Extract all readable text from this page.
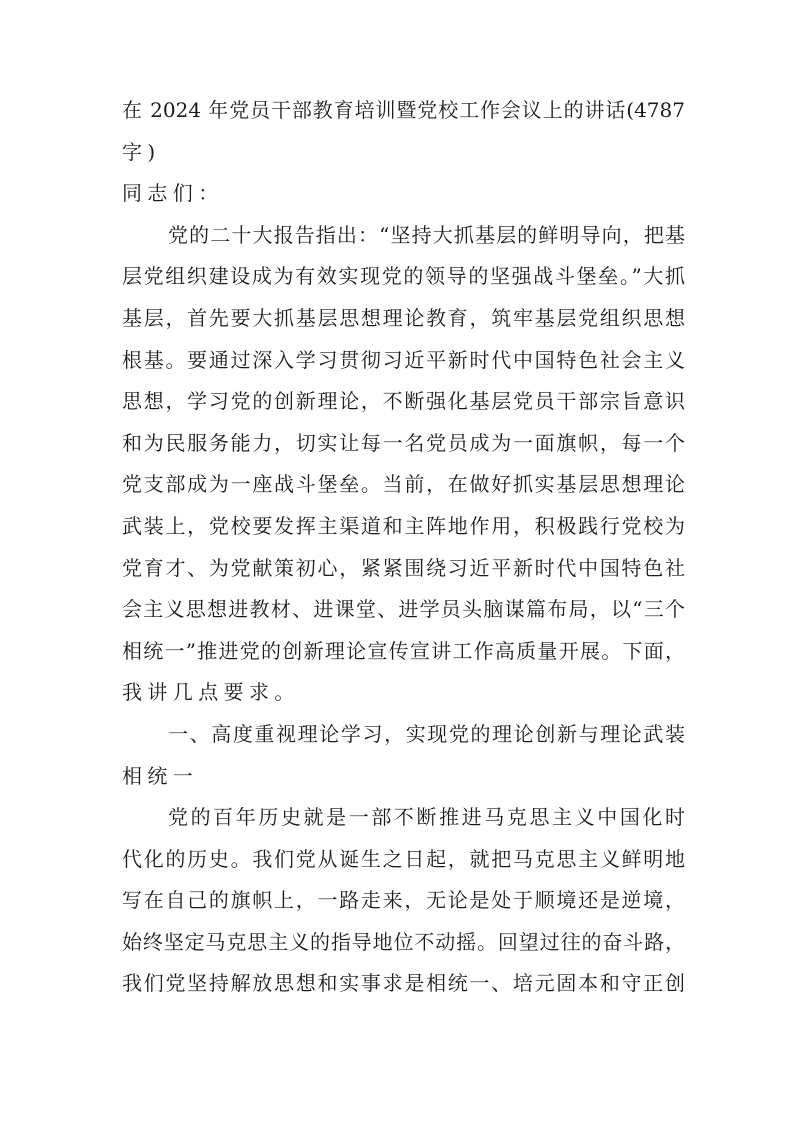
在 2024 年党员干部教育培训暨党校工作会议上的讲话(4787
字)
同志们：
党的二十大报告指出：“坚持大抓基层的鲜明导向，把基
层党组织建设成为有效实现党的领导的坚强战斗堡垒。”大抓
基层，首先要大抓基层思想理论教育，筑牢基层党组织思想
根基。要通过深入学习贯彻习近平新时代中国特色社会主义
思想，学习党的创新理论，不断强化基层党员干部宗旨意识
和为民服务能力，切实让每一名党员成为一面旗帜，每一个
党支部成为一座战斗堡垒。当前，在做好抓实基层思想理论
武装上，党校要发挥主渠道和主阵地作用，积极践行党校为
党育才、为党献策初心，紧紧围绕习近平新时代中国特色社
会主义思想进教材、进课堂、进学员头脑谋篇布局，以“三个
相统一”推进党的创新理论宣传宣讲工作高质量开展。下面，
我讲几点要求。
一、高度重视理论学习，实现党的理论创新与理论武装
相统一
党的百年历史就是一部不断推进马克思主义中国化时
代化的历史。我们党从诞生之日起，就把马克思主义鲜明地
写在自己的旗帜上，一路走来，无论是处于顺境还是逆境，
始终坚定马克思主义的指导地位不动摇。回望过往的奋斗路，
我们党坚持解放思想和实事求是相统一、培元固本和守正创
